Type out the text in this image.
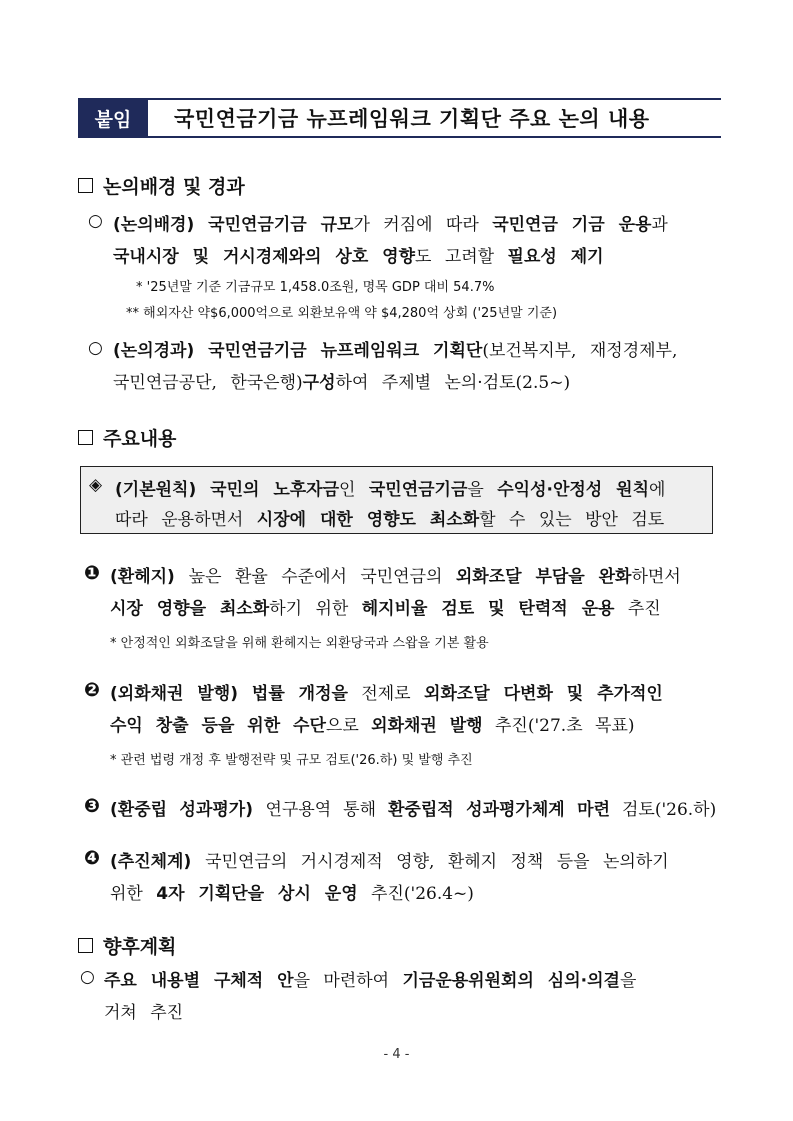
붙임	국민연금기금 뉴프레임워크 기획단 주요 논의 내용
논의배경 및 경과
○ (논의배경) 국민연금기금 규모가 커짐에 따라 국민연금 기금 운용과
국내시장 및 거시경제와의 상호 영향도 고려할 필요성 제기
* '25년말 기준 기금규모 1,458.0조원, 명목 GDP 대비 54.7%
** 해외자산 약$6,000억으로 외환보유액 약 $4,280억 상회 ('25년말 기준)
○ (논의경과) 국민연금기금 뉴프레임워크 기획단(보건복지부, 재정경제부,
국민연금공단, 한국은행)구성하여 주제별 논의·검토(2.5~)
주요내용
◈ (기본원칙) 국민의 노후자금인 국민연금기금을 수익성·안정성 원칙에
따라 운용하면서 시장에 대한 영향도 최소화할 수 있는 방안 검토
❶ (환헤지) 높은 환율 수준에서 국민연금의 외화조달 부담을 완화하면서
시장 영향을 최소화하기 위한 헤지비율 검토 및 탄력적 운용 추진
* 안정적인 외화조달을 위해 환헤지는 외환당국과 스왑을 기본 활용
❷ (외화채권 발행) 법률 개정을 전제로 외화조달 다변화 및 추가적인
수익 창출 등을 위한 수단으로 외화채권 발행 추진('27.초 목표)
* 관련 법령 개정 후 발행전략 및 규모 검토('26.하) 및 발행 추진
❸ (환중립 성과평가) 연구용역 통해 환중립적 성과평가체계 마련 검토('26.하)
❹ (추진체계) 국민연금의 거시경제적 영향, 환헤지 정책 등을 논의하기
위한 4자 기획단을 상시 운영 추진('26.4~)
향후계획
○ 주요 내용별 구체적 안을 마련하여 기금운용위원회의 심의·의결을
거쳐 추진
- 4 -
